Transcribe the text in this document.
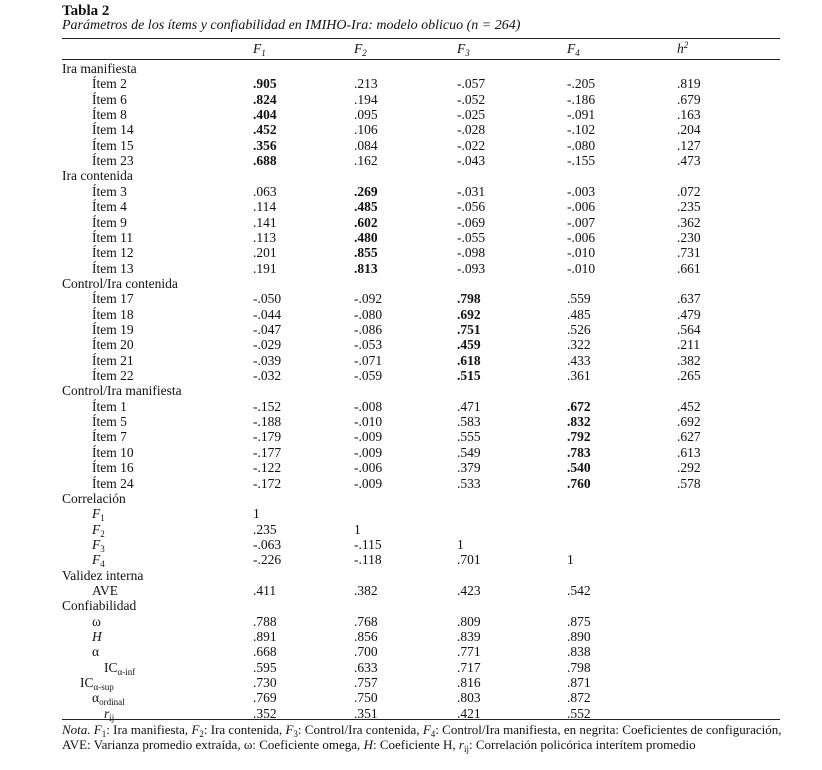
Tabla 2
Parámetros de los ítems y confiabilidad en IMIHO-Ira: modelo oblicuo (n = 264)
$F_1$	$F_2$	$F_3$	$F_4$	$h^2$
Ira manifiesta
Ítem 2	.905	.213	-.057	-.205	.819
Ítem 6	.824	.194	-.052	-.186	.679
Ítem 8	.404	.095	-.025	-.091	.163
Ítem 14	.452	.106	-.028	-.102	.204
Ítem 15	.356	.084	-.022	-.080	.127
Ítem 23	.688	.162	-.043	-.155	.473
Ira contenida
Ítem 3	.063	.269	-.031	-.003	.072
Ítem 4	.114	.485	-.056	-.006	.235
Ítem 9	.141	.602	-.069	-.007	.362
Ítem 11	.113	.480	-.055	-.006	.230
Ítem 12	.201	.855	-.098	-.010	.731
Ítem 13	.191	.813	-.093	-.010	.661
Control/Ira contenida
Ítem 17	-.050	-.092	.798	.559	.637
Ítem 18	-.044	-.080	.692	.485	.479
Ítem 19	-.047	-.086	.751	.526	.564
Ítem 20	-.029	-.053	.459	.322	.211
Ítem 21	-.039	-.071	.618	.433	.382
Ítem 22	-.032	-.059	.515	.361	.265
Control/Ira manifiesta
Ítem 1	-.152	-.008	.471	.672	.452
Ítem 5	-.188	-.010	.583	.832	.692
Ítem 7	-.179	-.009	.555	.792	.627
Ítem 10	-.177	-.009	.549	.783	.613
Ítem 16	-.122	-.006	.379	.540	.292
Ítem 24	-.172	-.009	.533	.760	.578
Correlación
$F_1$	1
$F_2$	.235	1
$F_3$	-.063	-.115	1
$F_4$	-.226	-.118	.701	1
Validez interna
AVE	.411	.382	.423	.542
Confiabilidad
ω	.788	.768	.809	.875
H	.891	.856	.839	.890
α	.668	.700	.771	.838
$IC_{\alpha-inf}$	.595	.633	.717	.798
$IC_{\alpha-sup}$	.730	.757	.816	.871
$\alpha_{ordinal}$	.769	.750	.803	.872
$r_{ij}$	.352	.351	.421	.552
Nota. $F_1$: Ira manifiesta, $F_2$: Ira contenida, $F_3$: Control/Ira contenida, $F_4$: Control/Ira manifiesta, en negrita: Coeficientes de configuración, AVE: Varianza promedio extraída, ω: Coeficiente omega, H: Coeficiente H, $r_{ij}$: Correlación policórica interítem promedio
